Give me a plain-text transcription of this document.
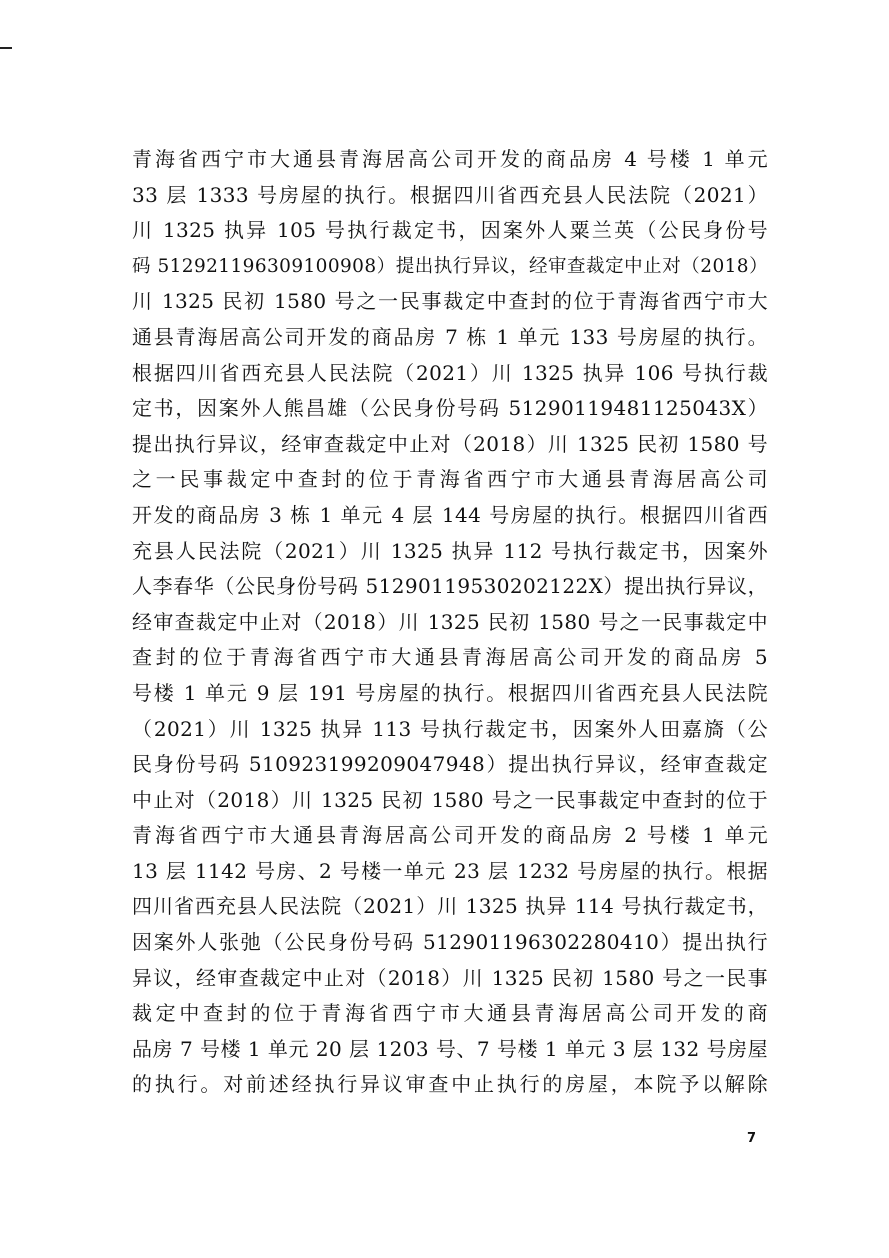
青海省西宁市大通县青海居高公司开发的商品房 4 号楼 1 单元
33 层 1333 号房屋的执行。根据四川省西充县人民法院（2021）
川 1325 执异 105 号执行裁定书，因案外人粟兰英（公民身份号
码 512921196309100908）提出执行异议，经审查裁定中止对（2018）
川 1325 民初 1580 号之一民事裁定中查封的位于青海省西宁市大
通县青海居高公司开发的商品房 7 栋 1 单元 133 号房屋的执行。
根据四川省西充县人民法院（2021）川 1325 执异 106 号执行裁
定书，因案外人熊昌雄（公民身份号码 51290119481125043X）
提出执行异议，经审查裁定中止对（2018）川 1325 民初 1580 号
之一民事裁定中查封的位于青海省西宁市大通县青海居高公司
开发的商品房 3 栋 1 单元 4 层 144 号房屋的执行。根据四川省西
充县人民法院（2021）川 1325 执异 112 号执行裁定书，因案外
人李春华（公民身份号码 51290119530202122X）提出执行异议，
经审查裁定中止对（2018）川 1325 民初 1580 号之一民事裁定中
查封的位于青海省西宁市大通县青海居高公司开发的商品房 5
号楼 1 单元 9 层 191 号房屋的执行。根据四川省西充县人民法院
（2021）川 1325 执异 113 号执行裁定书，因案外人田嘉旖（公
民身份号码 510923199209047948）提出执行异议，经审查裁定
中止对（2018）川 1325 民初 1580 号之一民事裁定中查封的位于
青海省西宁市大通县青海居高公司开发的商品房 2 号楼 1 单元
13 层 1142 号房、2 号楼一单元 23 层 1232 号房屋的执行。根据
四川省西充县人民法院（2021）川 1325 执异 114 号执行裁定书，
因案外人张弛（公民身份号码 512901196302280410）提出执行
异议，经审查裁定中止对（2018）川 1325 民初 1580 号之一民事
裁定中查封的位于青海省西宁市大通县青海居高公司开发的商
品房 7 号楼 1 单元 20 层 1203 号、7 号楼 1 单元 3 层 132 号房屋
的执行。对前述经执行异议审查中止执行的房屋，本院予以解除
7
